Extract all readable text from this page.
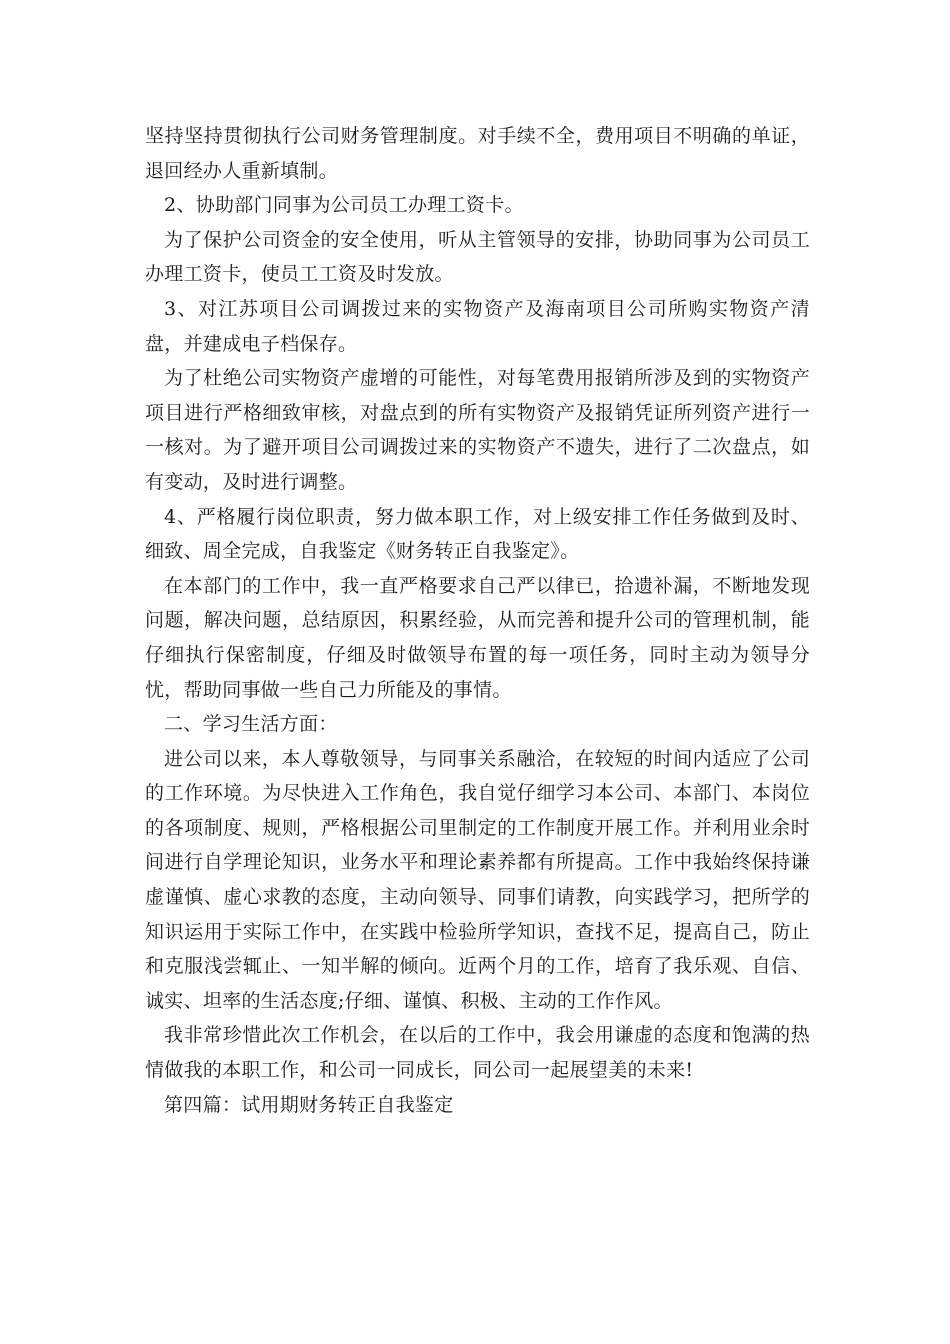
坚持坚持贯彻执行公司财务管理制度。对手续不全，费用项目不明确的单证，退回经办人重新填制。

2、协助部门同事为公司员工办理工资卡。

为了保护公司资金的安全使用，听从主管领导的安排，协助同事为公司员工办理工资卡，使员工工资及时发放。

3、对江苏项目公司调拨过来的实物资产及海南项目公司所购实物资产清盘，并建成电子档保存。

为了杜绝公司实物资产虚增的可能性，对每笔费用报销所涉及到的实物资产项目进行严格细致审核，对盘点到的所有实物资产及报销凭证所列资产进行一一核对。为了避开项目公司调拨过来的实物资产不遗失，进行了二次盘点，如有变动，及时进行调整。

4、严格履行岗位职责，努力做本职工作，对上级安排工作任务做到及时、细致、周全完成，自我鉴定《财务转正自我鉴定》。

在本部门的工作中，我一直严格要求自己严以律已，拾遗补漏，不断地发现问题，解决问题，总结原因，积累经验，从而完善和提升公司的管理机制，能仔细执行保密制度，仔细及时做领导布置的每一项任务，同时主动为领导分忧，帮助同事做一些自己力所能及的事情。

二、学习生活方面：

进公司以来，本人尊敬领导，与同事关系融洽，在较短的时间内适应了公司的工作环境。为尽快进入工作角色，我自觉仔细学习本公司、本部门、本岗位的各项制度、规则，严格根据公司里制定的工作制度开展工作。并利用业余时间进行自学理论知识，业务水平和理论素养都有所提高。工作中我始终保持谦虚谨慎、虚心求教的态度，主动向领导、同事们请教，向实践学习，把所学的知识运用于实际工作中，在实践中检验所学知识，查找不足，提高自己，防止和克服浅尝辄止、一知半解的倾向。近两个月的工作，培育了我乐观、自信、诚实、坦率的生活态度;仔细、谨慎、积极、主动的工作作风。

我非常珍惜此次工作机会，在以后的工作中，我会用谦虚的态度和饱满的热情做我的本职工作，和公司一同成长，同公司一起展望美的未来!

第四篇：试用期财务转正自我鉴定
